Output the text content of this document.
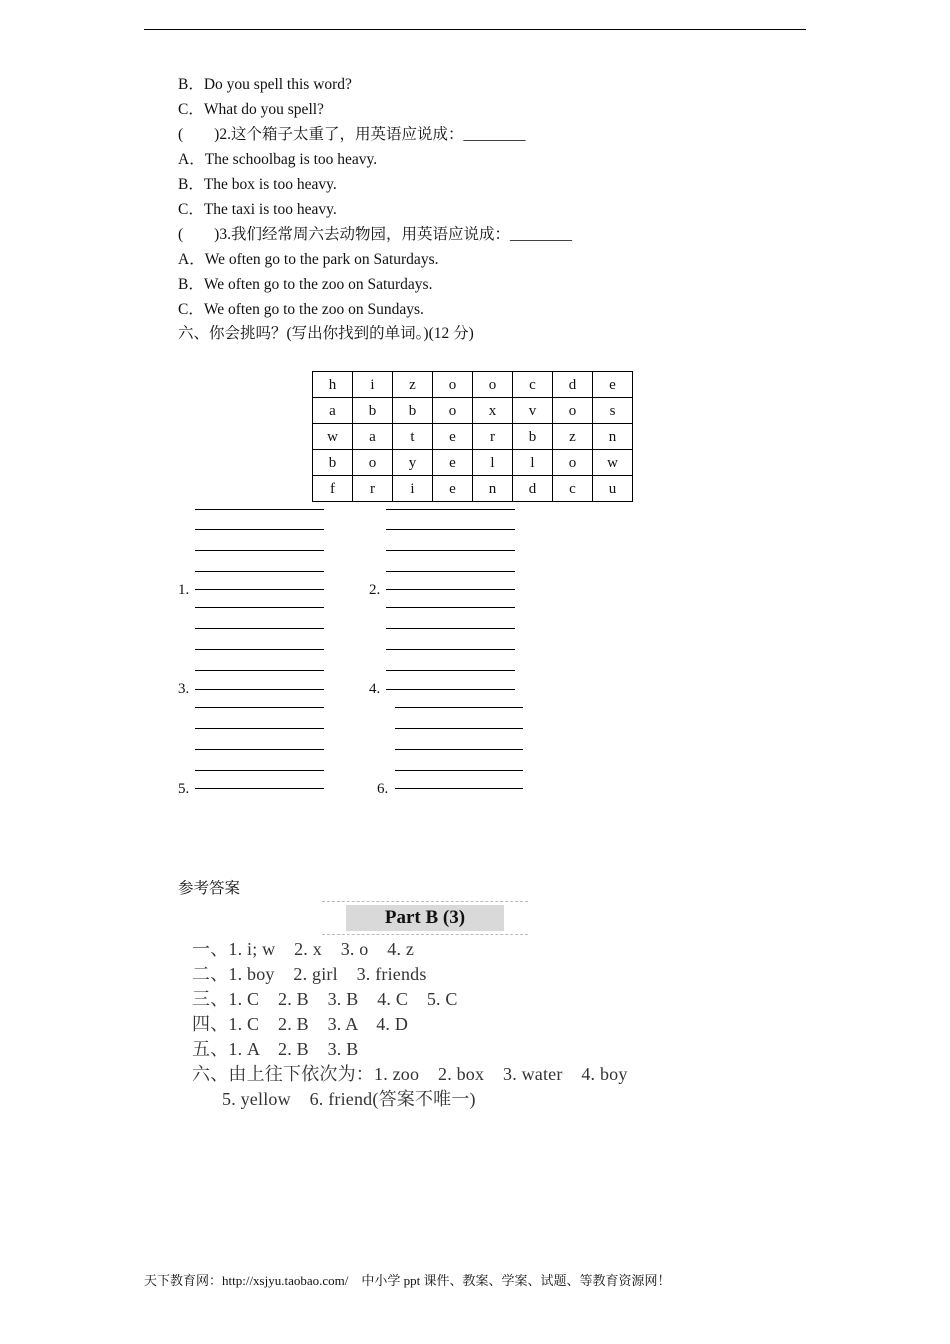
B．Do you spell this word?
C．What do you spell?
(　　)2.这个箱子太重了，用英语应说成：________
A．The schoolbag is too heavy.
B．The box is too heavy.
C．The taxi is too heavy.
(　　)3.我们经常周六去动物园，用英语应说成：________
A．We often go to the park on Saturdays.
B．We often go to the zoo on Saturdays.
C．We often go to the zoo on Sundays.
六、你会挑吗？(写出你找到的单词。)(12 分)
h	i	z	o	o	c	d	e
a	b	b	o	x	v	o	s
w	a	t	e	r	b	z	n
b	o	y	e	l	l	o	w
f	r	i	e	n	d	c	u
1.	2.
3.	4.
5.	6.
参考答案
Part B (3)
一、1. i; w    2. x    3. o    4. z
二、1. boy    2. girl    3. friends
三、1. C    2. B    3. B    4. C    5. C
四、1. C    2. B    3. A    4. D
五、1. A    2. B    3. B
六、由上往下依次为：1. zoo    2. box    3. water    4. boy
5. yellow    6. friend(答案不唯一)
天下教育网：http://xsjyu.taobao.com/    中小学 ppt 课件、教案、学案、试题、等教育资源网！
